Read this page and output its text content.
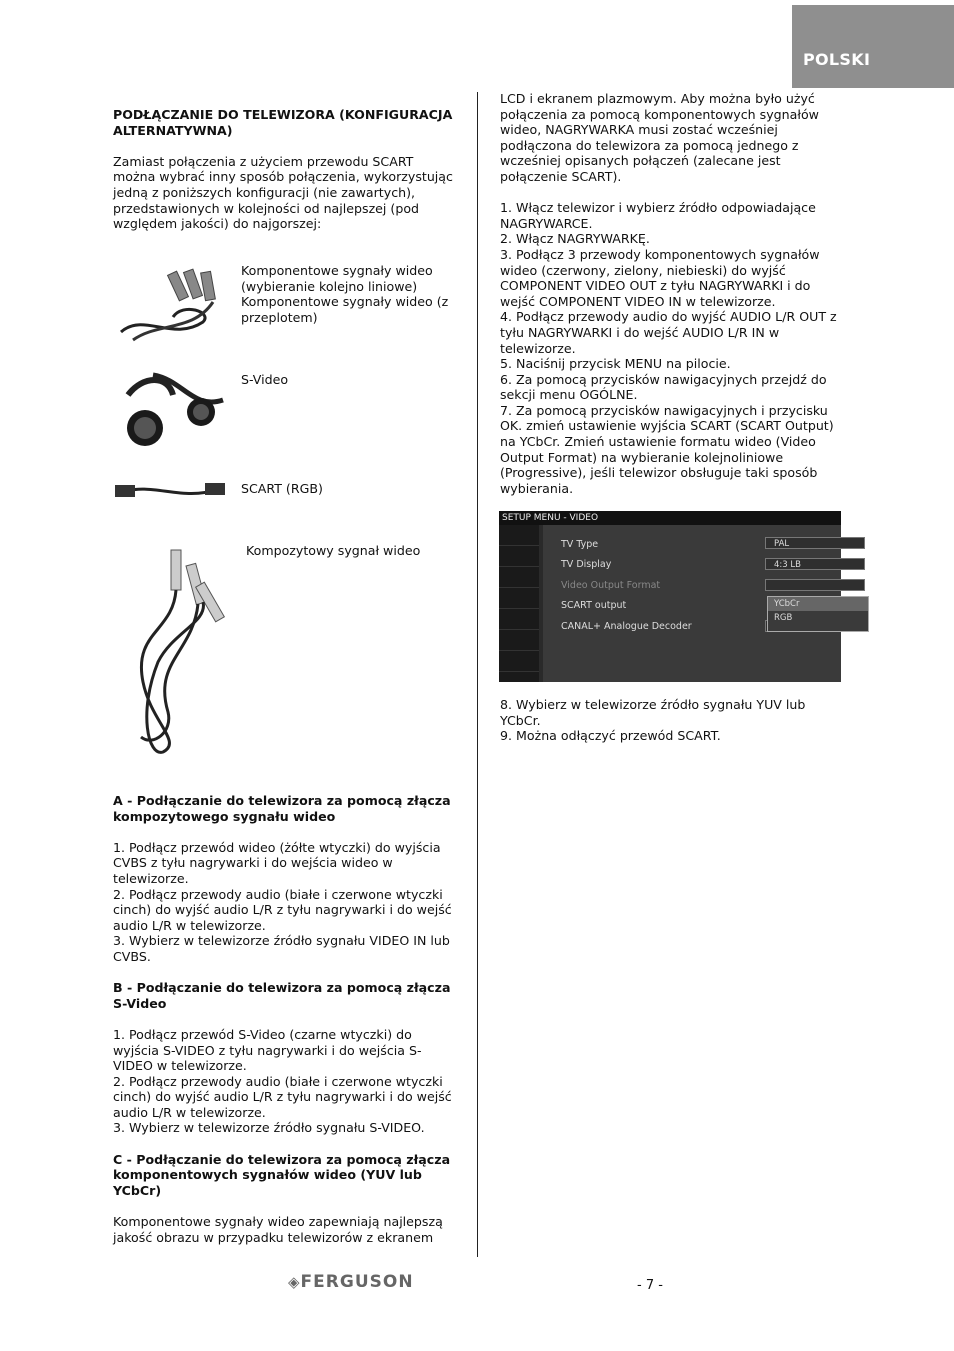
POLSKI

PODŁĄCZANIE DO TELEWIZORA (KONFIGURACJA ALTERNATYWNA)

Zamiast połączenia z użyciem przewodu SCART można wybrać inny sposób połączenia, wykorzystując jedną z poniższych konfiguracji (nie zawartych), przedstawionych w kolejności od najlepszej (pod względem jakości) do najgorszej:

Komponentowe sygnały wideo (wybieranie kolejno liniowe) Komponentowe sygnały wideo (z przeplotem)
S-Video
SCART (RGB)
Kompozytowy sygnał wideo

A - Podłączanie do telewizora za pomocą złącza kompozytowego sygnału wideo

1. Podłącz przewód wideo (żółte wtyczki) do wyjścia CVBS z tyłu nagrywarki i do wejścia wideo w telewizorze.

2. Podłącz przewody audio (białe i czerwone wtyczki cinch) do wyjść audio L/R z tyłu nagrywarki i do wejść audio L/R w telewizorze.

3. Wybierz w telewizorze źródło sygnału VIDEO IN lub CVBS.

B - Podłączanie do telewizora za pomocą złącza S-Video

1. Podłącz przewód S-Video (czarne wtyczki) do wyjścia S-VIDEO z tyłu nagrywarki i do wejścia S-VIDEO w telewizorze.

2. Podłącz przewody audio (białe i czerwone wtyczki cinch) do wyjść audio L/R z tyłu nagrywarki i do wejść audio L/R w telewizorze.

3. Wybierz w telewizorze źródło sygnału S-VIDEO.

C - Podłączanie do telewizora za pomocą złącza komponentowych sygnałów wideo (YUV lub YCbCr)

Komponentowe sygnały wideo zapewniają najlepszą jakość obrazu w przypadku telewizorów z ekranem

LCD i ekranem plazmowym. Aby można było użyć połączenia za pomocą komponentowych sygnałów wideo, NAGRYWARKA musi zostać wcześniej podłączona do telewizora za pomocą jednego z wcześniej opisanych połączeń (zalecane jest połączenie SCART).

1. Włącz telewizor i wybierz źródło odpowiadające NAGRYWARCE.

2. Włącz NAGRYWARKĘ.

3. Podłącz 3 przewody komponentowych sygnałów wideo (czerwony, zielony, niebieski) do wyjść COMPONENT VIDEO OUT z tyłu NAGRYWARKI i do wejść COMPONENT VIDEO IN w telewizorze.

4. Podłącz przewody audio do wyjść AUDIO L/R OUT z tyłu NAGRYWARKI i do wejść AUDIO L/R IN w telewizorze.

5. Naciśnij przycisk MENU na pilocie.

6. Za pomocą przycisków nawigacyjnych przejdź do sekcji menu OGÓLNE.

7. Za pomocą przycisków nawigacyjnych i przycisku OK. zmień ustawienie wyjścia SCART (SCART Output) na YCbCr. Zmień ustawienie formatu wideo (Video Output Format) na wybieranie kolejnoliniowe (Progressive), jeśli telewizor obsługuje taki sposób wybierania.

SETUP MENU - VIDEO
TV Type	PAL
TV Display	4:3 LB
Video Output Format
SCART output
CANAL+ Analogue Decoder
YCbCr
RGB

8. Wybierz w telewizorze źródło sygnału YUV lub YCbCr.

9. Można odłączyć przewód SCART.

◈FERGUSON	- 7 -
